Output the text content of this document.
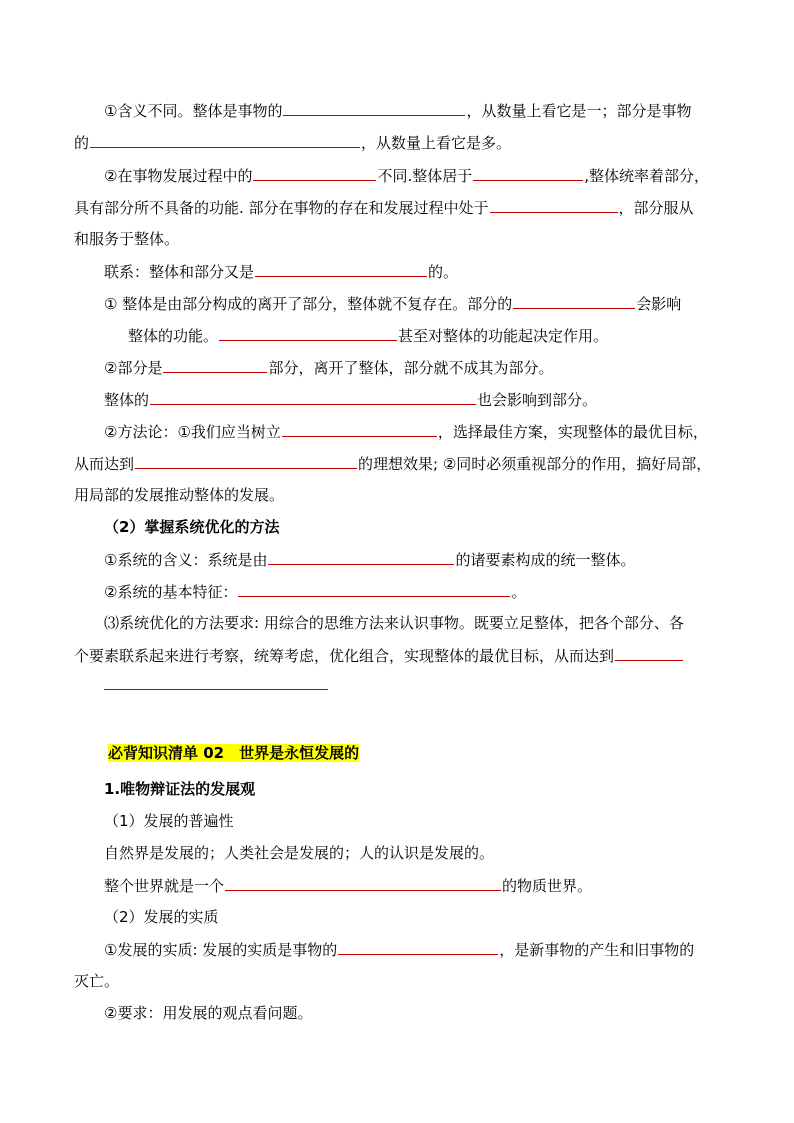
①含义不同。整体是事物的	，从数量上看它是一；部分是事物
的	，从数量上看它是多。
②在事物发展过程中的	不同.整体居于	,整体统率着部分，
具有部分所不具备的功能. 部分在事物的存在和发展过程中处于	，部分服从
和服务于整体。
联系：整体和部分又是	的。
① 整体是由部分构成的离开了部分，整体就不复存在。部分的	会影响
整体的功能。	甚至对整体的功能起决定作用。
②部分是	部分，离开了整体，部分就不成其为部分。
整体的	也会影响到部分。
②方法论：①我们应当树立	，选择最佳方案，实现整体的最优目标，
从而达到	的理想效果; ②同时必须重视部分的作用，搞好局部，
用局部的发展推动整体的发展。
（2）掌握系统优化的方法
①系统的含义：系统是由	的诸要素构成的统一整体。
②系统的基本特征：	。
⑶系统优化的方法要求: 用综合的思维方法来认识事物。既要立足整体，把各个部分、各
个要素联系起来进行考察，统筹考虑，优化组合，实现整体的最优目标，从而达到
必背知识清单 02　世界是永恒发展的
1.唯物辩证法的发展观
（1）发展的普遍性
自然界是发展的；人类社会是发展的；人的认识是发展的。
整个世界就是一个	的物质世界。
（2）发展的实质
①发展的实质: 发展的实质是事物的	，是新事物的产生和旧事物的
灭亡。
②要求：用发展的观点看问题。
